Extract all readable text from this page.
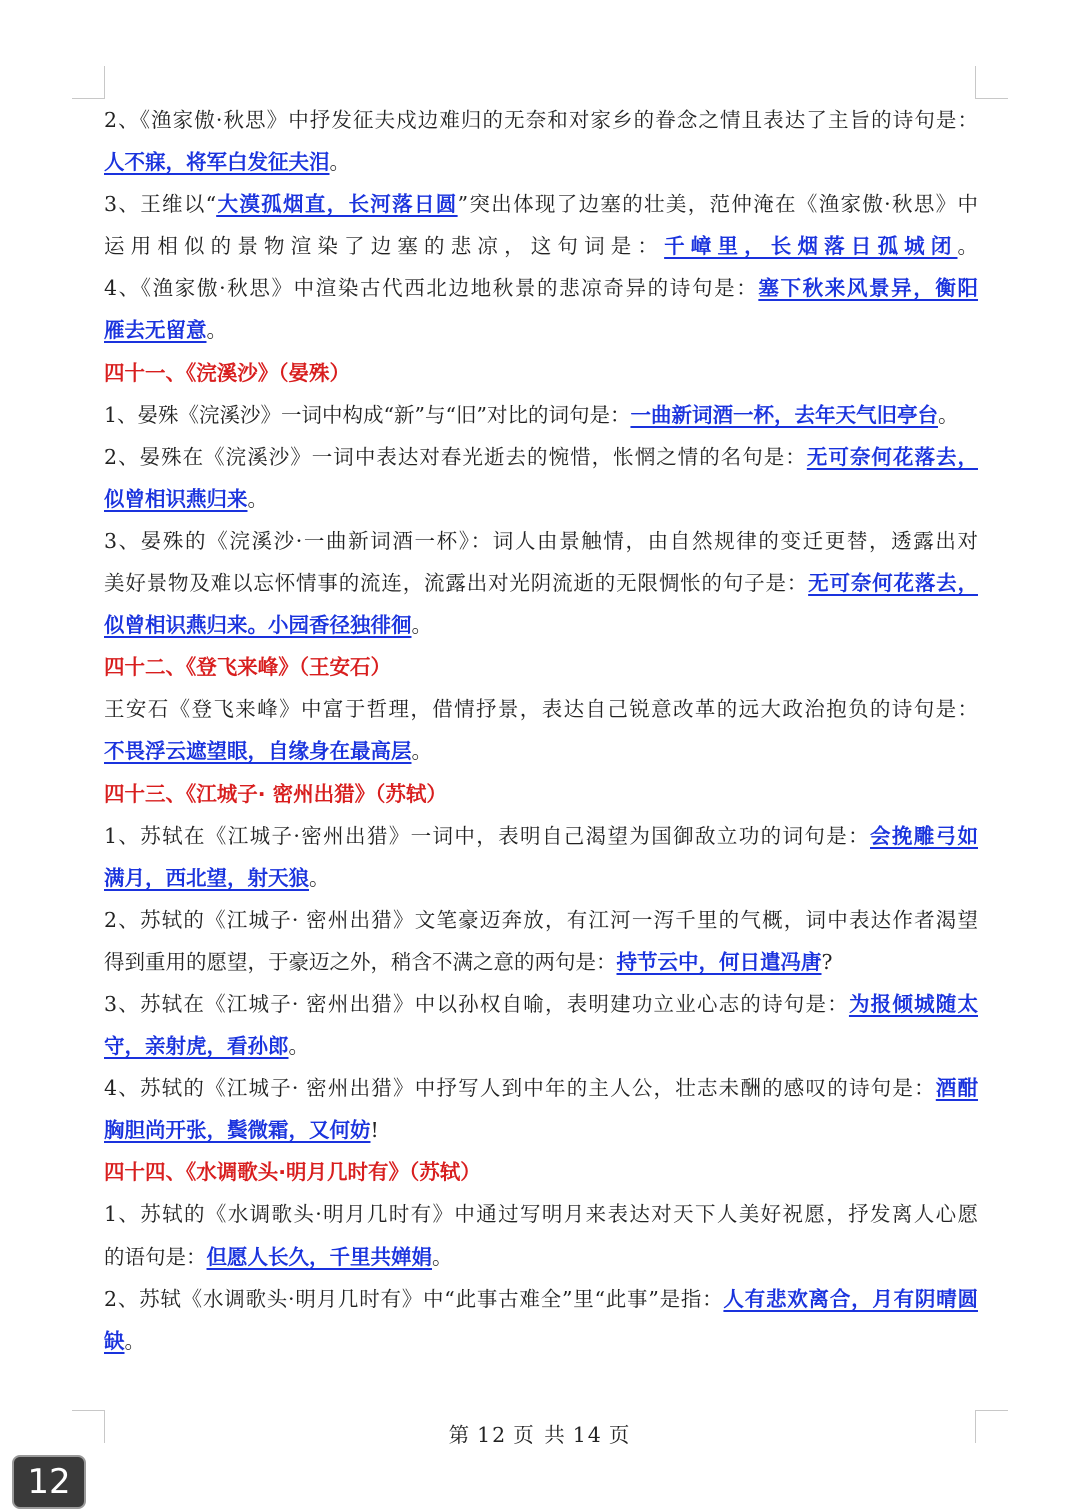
2、《渔家傲·秋思》中抒发征夫戍边难归的无奈和对家乡的眷念之情且表达了主旨的诗句是：
人不寐，将军白发征夫泪。
3、王维以“大漠孤烟直，长河落日圆”突出体现了边塞的壮美，范仲淹在《渔家傲·秋思》中
运用相似的景物渲染了边塞的悲凉，这句词是：千嶂里，长烟落日孤城闭。
4、《渔家傲·秋思》中渲染古代西北边地秋景的悲凉奇异的诗句是：塞下秋来风景异，衡阳
雁去无留意。
四十一、《浣溪沙》（晏殊）
1、晏殊《浣溪沙》一词中构成“新”与“旧”对比的词句是：一曲新词酒一杯，去年天气旧亭台。
2、晏殊在《浣溪沙》一词中表达对春光逝去的惋惜，怅惘之情的名句是：无可奈何花落去，
似曾相识燕归来。
3、晏殊的《浣溪沙·一曲新词酒一杯》：词人由景触情，由自然规律的变迁更替，透露出对
美好景物及难以忘怀情事的流连，流露出对光阴流逝的无限惆怅的句子是：无可奈何花落去，
似曾相识燕归来。小园香径独徘徊。
四十二、《登飞来峰》（王安石）
王安石《登飞来峰》中富于哲理，借情抒景，表达自己锐意改革的远大政治抱负的诗句是：
不畏浮云遮望眼，自缘身在最高层。
四十三、《江城子· 密州出猎》（苏轼）
1、苏轼在《江城子·密州出猎》一词中，表明自己渴望为国御敌立功的词句是：会挽雕弓如
满月，西北望，射天狼。
2、苏轼的《江城子· 密州出猎》文笔豪迈奔放，有江河一泻千里的气概，词中表达作者渴望
得到重用的愿望，于豪迈之外，稍含不满之意的两句是：持节云中，何日遣冯唐?
3、苏轼在《江城子· 密州出猎》中以孙权自喻，表明建功立业心志的诗句是：为报倾城随太
守，亲射虎，看孙郎。
4、苏轼的《江城子· 密州出猎》中抒写人到中年的主人公，壮志未酬的感叹的诗句是：酒酣
胸胆尚开张，鬓微霜，又何妨!
四十四、《水调歌头·明月几时有》（苏轼）
1、苏轼的《水调歌头·明月几时有》中通过写明月来表达对天下人美好祝愿，抒发离人心愿
的语句是：但愿人长久，千里共婵娟。
2、苏轼《水调歌头·明月几时有》中“此事古难全”里“此事”是指：人有悲欢离合，月有阴晴圆
缺。
第 12 页 共 14 页
12
